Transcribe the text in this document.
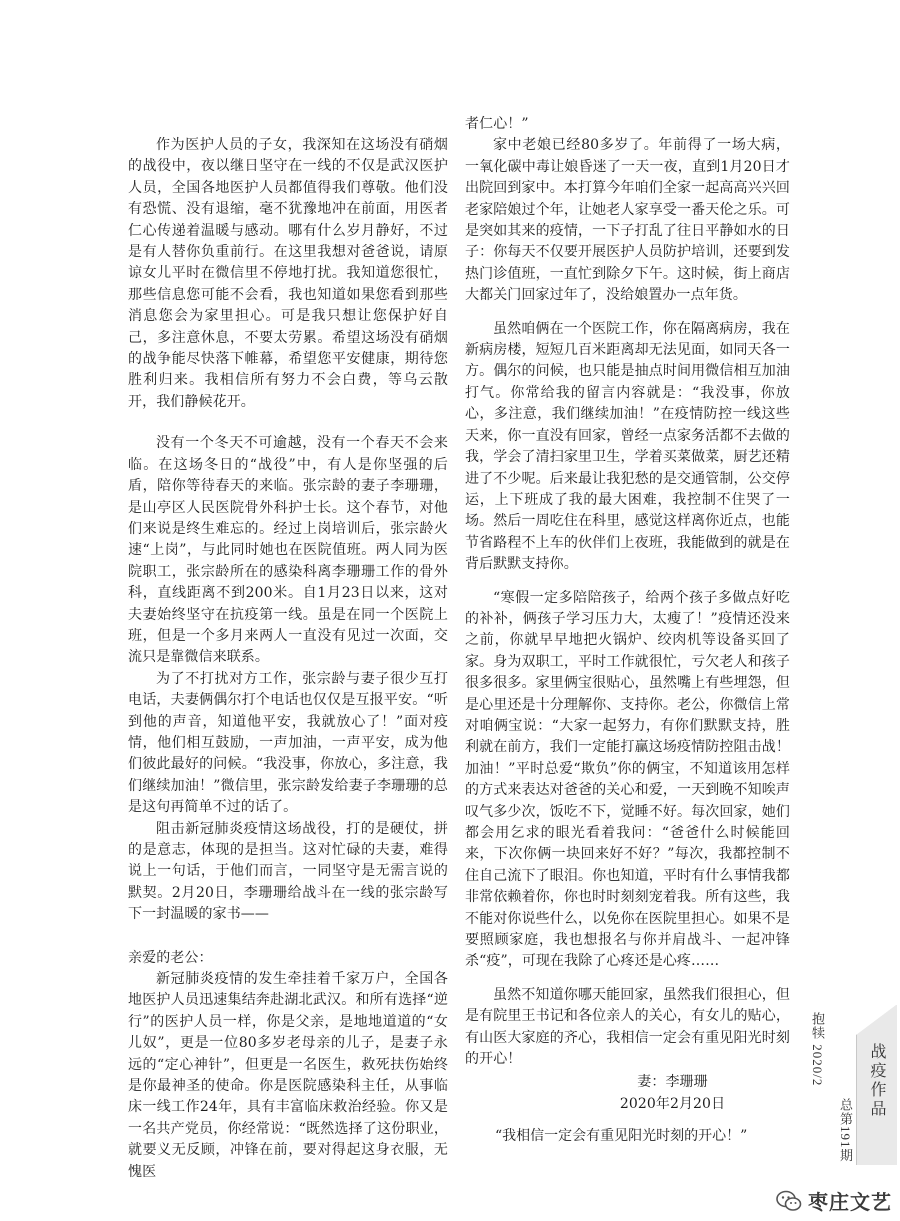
作为医护人员的子女，我深知在这场没有硝烟的战役中，夜以继日坚守在一线的不仅是武汉医护人员，全国各地医护人员都值得我们尊敬。他们没有恐慌、没有退缩，毫不犹豫地冲在前面，用医者仁心传递着温暖与感动。哪有什么岁月静好，不过是有人替你负重前行。在这里我想对爸爸说，请原谅女儿平时在微信里不停地打扰。我知道您很忙，那些信息您可能不会看，我也知道如果您看到那些消息您会为家里担心。可是我只想让您保护好自己，多注意休息，不要太劳累。希望这场没有硝烟的战争能尽快落下帷幕，希望您平安健康，期待您胜利归来。我相信所有努力不会白费，等乌云散开，我们静候花开。

没有一个冬天不可逾越，没有一个春天不会来临。在这场冬日的“战役”中，有人是你坚强的后盾，陪你等待春天的来临。张宗龄的妻子李珊珊，是山亭区人民医院骨外科护士长。这个春节，对他们来说是终生难忘的。经过上岗培训后，张宗龄火速“上岗”，与此同时她也在医院值班。两人同为医院职工，张宗龄所在的感染科离李珊珊工作的骨外科，直线距离不到200米。自1月23日以来，这对夫妻始终坚守在抗疫第一线。虽是在同一个医院上班，但是一个多月来两人一直没有见过一次面，交流只是靠微信来联系。

为了不打扰对方工作，张宗龄与妻子很少互打电话，夫妻俩偶尔打个电话也仅仅是互报平安。“听到他的声音，知道他平安，我就放心了！”面对疫情，他们相互鼓励，一声加油，一声平安，成为他们彼此最好的问候。“我没事，你放心，多注意，我们继续加油！”微信里，张宗龄发给妻子李珊珊的总是这句再简单不过的话了。

阻击新冠肺炎疫情这场战役，打的是硬仗，拼的是意志，体现的是担当。这对忙碌的夫妻，难得说上一句话，于他们而言，一同坚守是无需言说的默契。2月20日，李珊珊给战斗在一线的张宗龄写下一封温暖的家书——

亲爱的老公：

新冠肺炎疫情的发生牵挂着千家万户，全国各地医护人员迅速集结奔赴湖北武汉。和所有选择“逆行”的医护人员一样，你是父亲，是地地道道的“女儿奴”，更是一位80多岁老母亲的儿子，是妻子永远的“定心神针”，但更是一名医生，救死扶伤始终是你最神圣的使命。你是医院感染科主任，从事临床一线工作24年，具有丰富临床救治经验。你又是一名共产党员，你经常说：“既然选择了这份职业，就要义无反顾，冲锋在前，要对得起这身衣服，无愧医

者仁心！”

家中老娘已经80多岁了。年前得了一场大病，一氧化碳中毒让娘昏迷了一天一夜，直到1月20日才出院回到家中。本打算今年咱们全家一起高高兴兴回老家陪娘过个年，让她老人家享受一番天伦之乐。可是突如其来的疫情，一下子打乱了往日平静如水的日子：你每天不仅要开展医护人员防护培训，还要到发热门诊值班，一直忙到除夕下午。这时候，街上商店大都关门回家过年了，没给娘置办一点年货。

虽然咱俩在一个医院工作，你在隔离病房，我在新病房楼，短短几百米距离却无法见面，如同天各一方。偶尔的问候，也只能是抽点时间用微信相互加油打气。你常给我的留言内容就是：“我没事，你放心，多注意，我们继续加油！”在疫情防控一线这些天来，你一直没有回家，曾经一点家务活都不去做的我，学会了清扫家里卫生，学着买菜做菜，厨艺还精进了不少呢。后来最让我犯愁的是交通管制，公交停运，上下班成了我的最大困难，我控制不住哭了一场。然后一周吃住在科里，感觉这样离你近点，也能节省路程不上车的伙伴们上夜班，我能做到的就是在背后默默支持你。

“寒假一定多陪陪孩子，给两个孩子多做点好吃的补补，俩孩子学习压力大，太瘦了！”疫情还没来之前，你就早早地把火锅炉、绞肉机等设备买回了家。身为双职工，平时工作就很忙，亏欠老人和孩子很多很多。家里俩宝很贴心，虽然嘴上有些埋怨，但是心里还是十分理解你、支持你。老公，你微信上常对咱俩宝说：“大家一起努力，有你们默默支持，胜利就在前方，我们一定能打赢这场疫情防控阻击战！加油！”平时总爱“欺负”你的俩宝，不知道该用怎样的方式来表达对爸爸的关心和爱，一天到晚不知唉声叹气多少次，饭吃不下，觉睡不好。每次回家，她们都会用乞求的眼光看着我问：“爸爸什么时候能回来，下次你俩一块回来好不好？”每次，我都控制不住自己流下了眼泪。你也知道，平时有什么事情我都非常依赖着你，你也时时刻刻宠着我。所有这些，我不能对你说些什么，以免你在医院里担心。如果不是要照顾家庭，我也想报名与你并肩战斗、一起冲锋杀“疫”，可现在我除了心疼还是心疼……

虽然不知道你哪天能回家，虽然我们很担心，但是有院里王书记和各位亲人的关心，有女儿的贴心，有山医大家庭的齐心，我相信一定会有重见阳光时刻的开心！

妻：李珊珊
2020年2月20日
“我相信一定会有重见阳光时刻的开心！”
抱犊 2020/2
总第191期
战疫作品
枣庄文艺
